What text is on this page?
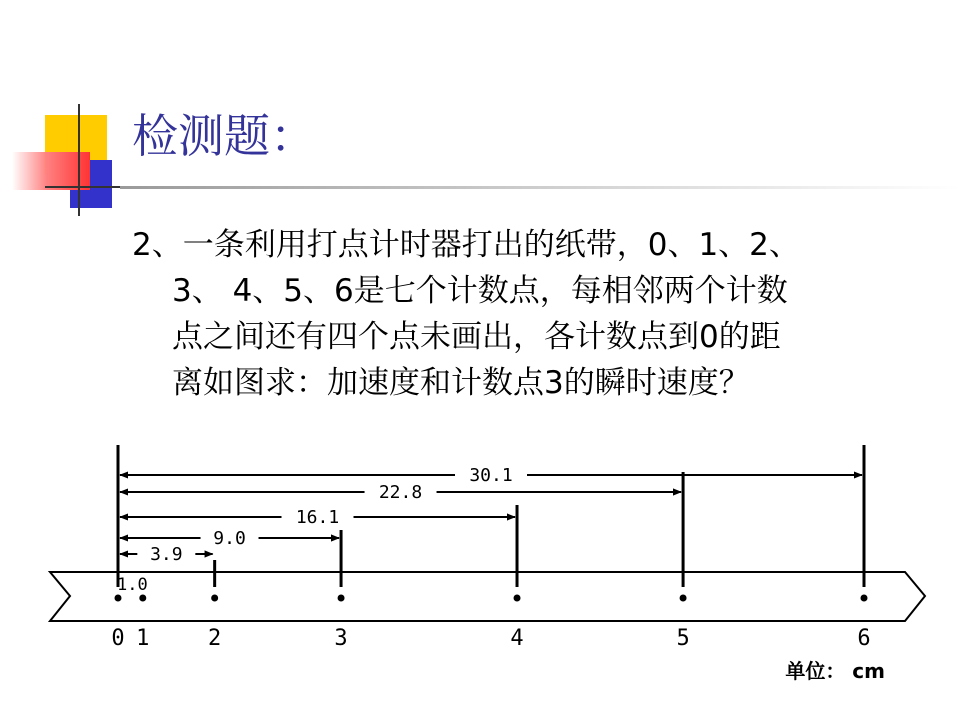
检测题：
2、一条利用打点计时器打出的纸带，0、1、2、
3、 4、5、6是七个计数点，每相邻两个计数
点之间还有四个点未画出，各计数点到0的距
离如图求：加速度和计数点3的瞬时速度？
0 1	2	3	4	5	6
1.0
3.9
9.0
16.1
22.8
30.1
单位： cm
